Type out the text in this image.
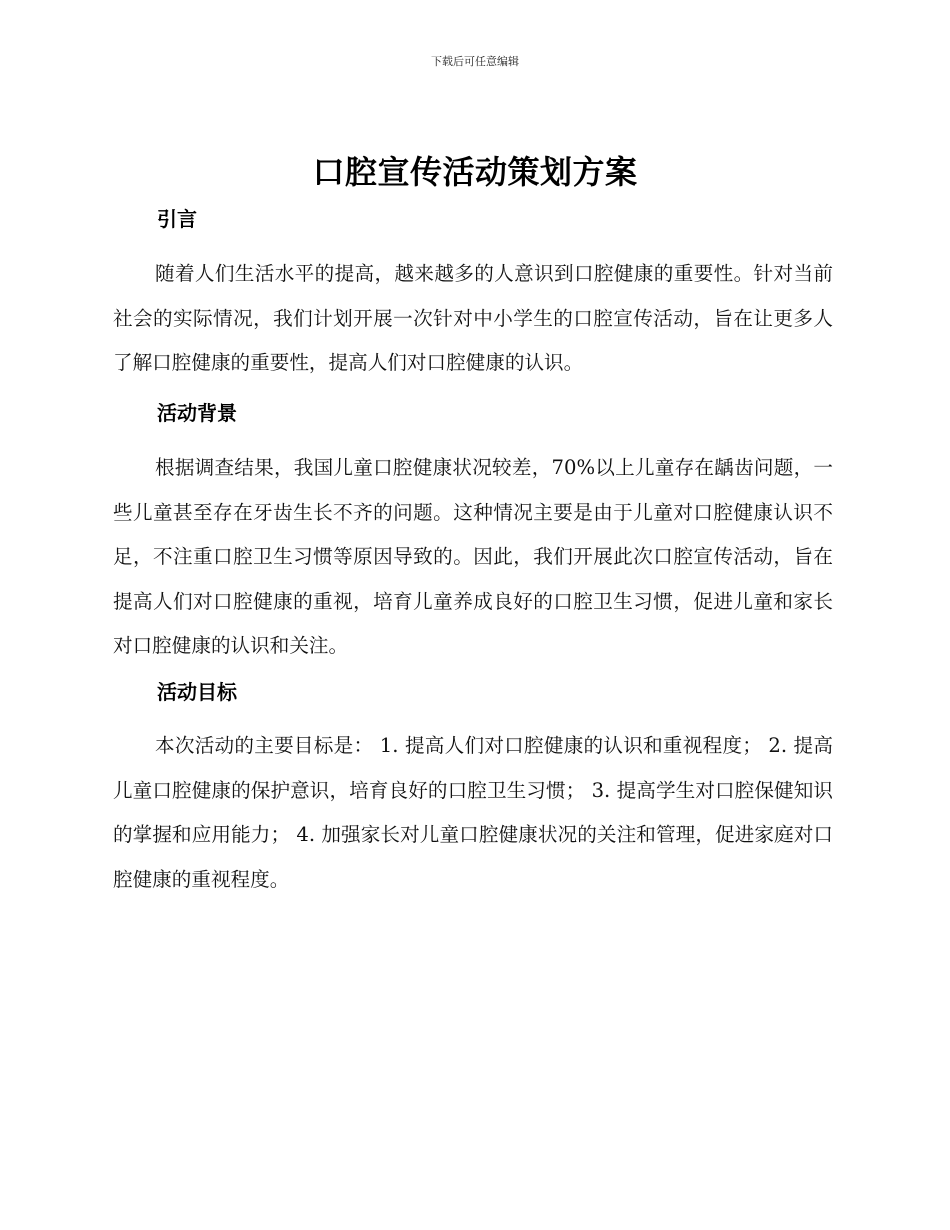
下载后可任意编辑
口腔宣传活动策划方案
引言

随着人们生活水平的提高，越来越多的人意识到口腔健康的重要性。针对当前社会的实际情况，我们计划开展一次针对中小学生的口腔宣传活动，旨在让更多人了解口腔健康的重要性，提高人们对口腔健康的认识。

活动背景

根据调查结果，我国儿童口腔健康状况较差，70%以上儿童存在龋齿问题，一些儿童甚至存在牙齿生长不齐的问题。这种情况主要是由于儿童对口腔健康认识不足，不注重口腔卫生习惯等原因导致的。因此，我们开展此次口腔宣传活动，旨在提高人们对口腔健康的重视，培育儿童养成良好的口腔卫生习惯，促进儿童和家长对口腔健康的认识和关注。

活动目标

本次活动的主要目标是： 1. 提高人们对口腔健康的认识和重视程度； 2. 提高儿童口腔健康的保护意识，培育良好的口腔卫生习惯； 3. 提高学生对口腔保健知识的掌握和应用能力； 4. 加强家长对儿童口腔健康状况的关注和管理，促进家庭对口腔健康的重视程度。
